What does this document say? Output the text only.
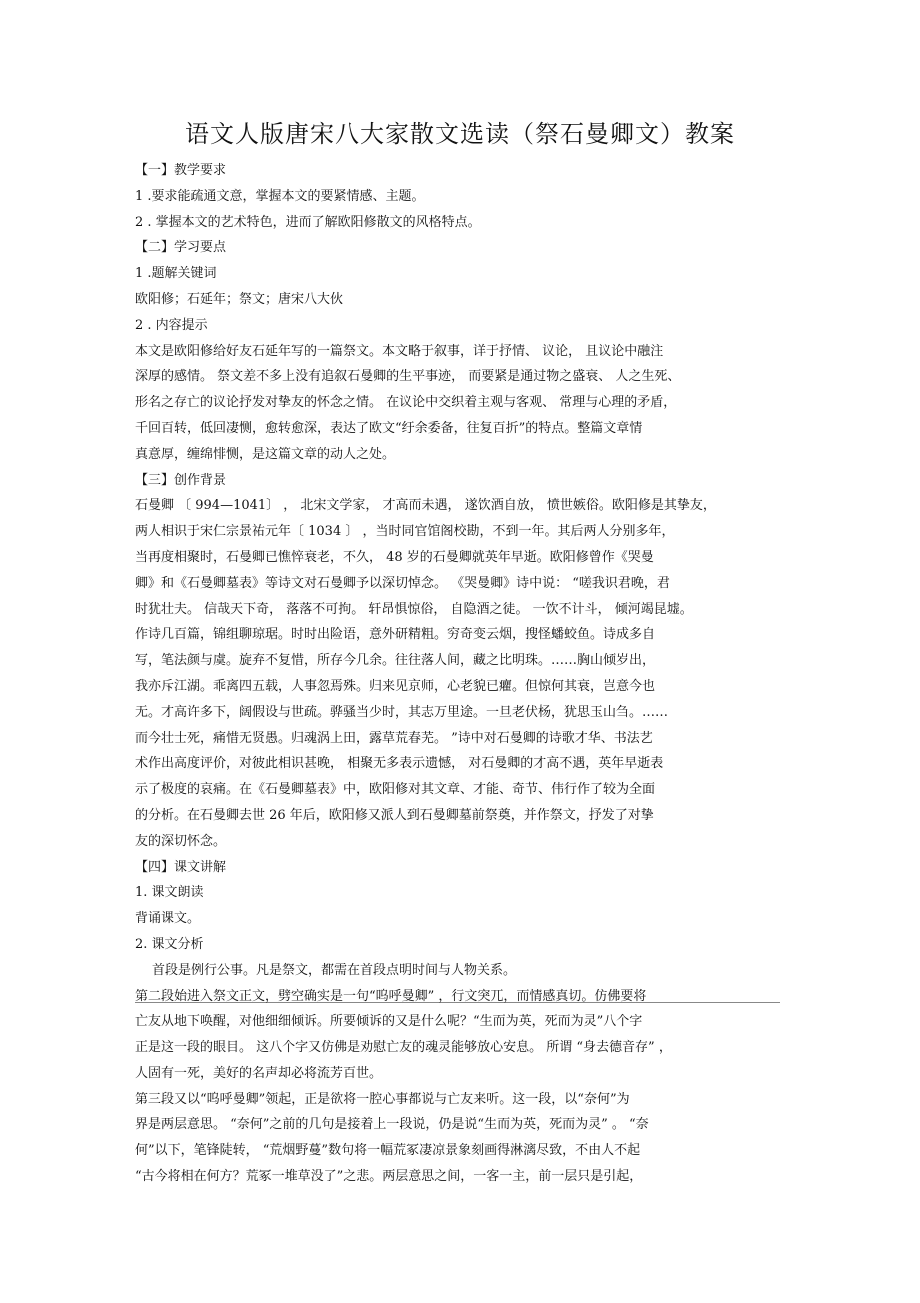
语文人版唐宋八大家散文选读（祭石曼卿文）教案
【一】教学要求
1 .要求能疏通文意，掌握本文的要紧情感、主题。
2 . 掌握本文的艺术特色，进而了解欧阳修散文的风格特点。
【二】学习要点
1 .题解关键词
欧阳修；石延年；祭文；唐宋八大伙
2 . 内容提示
本文是欧阳修给好友石延年写的一篇祭文。本文略于叙事，详于抒情、 议论， 且议论中融注
深厚的感情。 祭文差不多上没有追叙石曼卿的生平事迹， 而要紧是通过物之盛衰、 人之生死、
形名之存亡的议论抒发对挚友的怀念之情。 在议论中交织着主观与客观、 常理与心理的矛盾，
千回百转，低回凄恻，愈转愈深，表达了欧文“纡余委备，往复百折”的特点。整篇文章情
真意厚，缠绵悱恻，是这篇文章的动人之处。
【三】创作背景
石曼卿 〔 994—1041〕 ， 北宋文学家， 才高而未遇， 遂饮酒自放， 愤世嫉俗。欧阳修是其挚友，
两人相识于宋仁宗景祐元年〔 1034 〕 ，当时同官馆阁校勘，不到一年。其后两人分别多年，
当再度相聚时，石曼卿已憔悴衰老，不久， 48 岁的石曼卿就英年早逝。欧阳修曾作《哭曼
卿》和《石曼卿墓表》等诗文对石曼卿予以深切悼念。 《哭曼卿》诗中说： “嗟我识君晚，君
时犹壮夫。 信哉天下奇， 落落不可拘。 轩昂惧惊俗， 自隐酒之徒。 一饮不计斗， 倾河竭昆墟。
作诗几百篇，锦组聊琼琚。时时出险语，意外研精粗。穷奇变云烟，搜怪蟠蛟鱼。诗成多自
写，笔法颜与虞。旋弃不复惜，所存今几余。往往落人间，藏之比明珠。……胸山倾岁出，
我亦斥江湖。乖离四五载，人事忽焉殊。归来见京师，心老貌已癯。但惊何其衰，岂意今也
无。才高许多下，阔假设与世疏。骅骚当少时，其志万里途。一旦老伏杨，犹思玉山刍。……
而今壮士死，痛惜无贤愚。归魂涡上田，露草荒春芜。 ”诗中对石曼卿的诗歌才华、书法艺
术作出高度评价，对彼此相识甚晚， 相聚无多表示遗憾， 对石曼卿的才高不遇，英年早逝表
示了极度的哀痛。在《石曼卿墓表》中，欧阳修对其文章、才能、奇节、伟行作了较为全面
的分析。在石曼卿去世 26 年后，欧阳修又派人到石曼卿墓前祭奠，并作祭文，抒发了对挚
友的深切怀念。
【四】课文讲解
1. 课文朗读
背诵课文。
2. 课文分析
首段是例行公事。凡是祭文，都需在首段点明时间与人物关系。
第二段始进入祭文正文，劈空确实是一句“呜呼曼卿” ，行文突兀，而情感真切。仿佛要将
亡友从地下唤醒，对他细细倾诉。所要倾诉的又是什么呢？“生而为英，死而为灵”八个字
正是这一段的眼目。 这八个字又仿佛是劝慰亡友的魂灵能够放心安息。 所谓 “身去德音存” ，
人固有一死，美好的名声却必将流芳百世。
第三段又以“呜呼曼卿”领起，正是欲将一腔心事都说与亡友来听。这一段，以“奈何”为
界是两层意思。 “奈何”之前的几句是接着上一段说，仍是说“生而为英，死而为灵” 。 “奈
何”以下，笔锋陡转， “荒烟野蔓”数句将一幅荒冢凄凉景象刻画得淋漓尽致，不由人不起
“古今将相在何方？荒冢一堆草没了”之悲。两层意思之间，一客一主，前一层只是引起，
